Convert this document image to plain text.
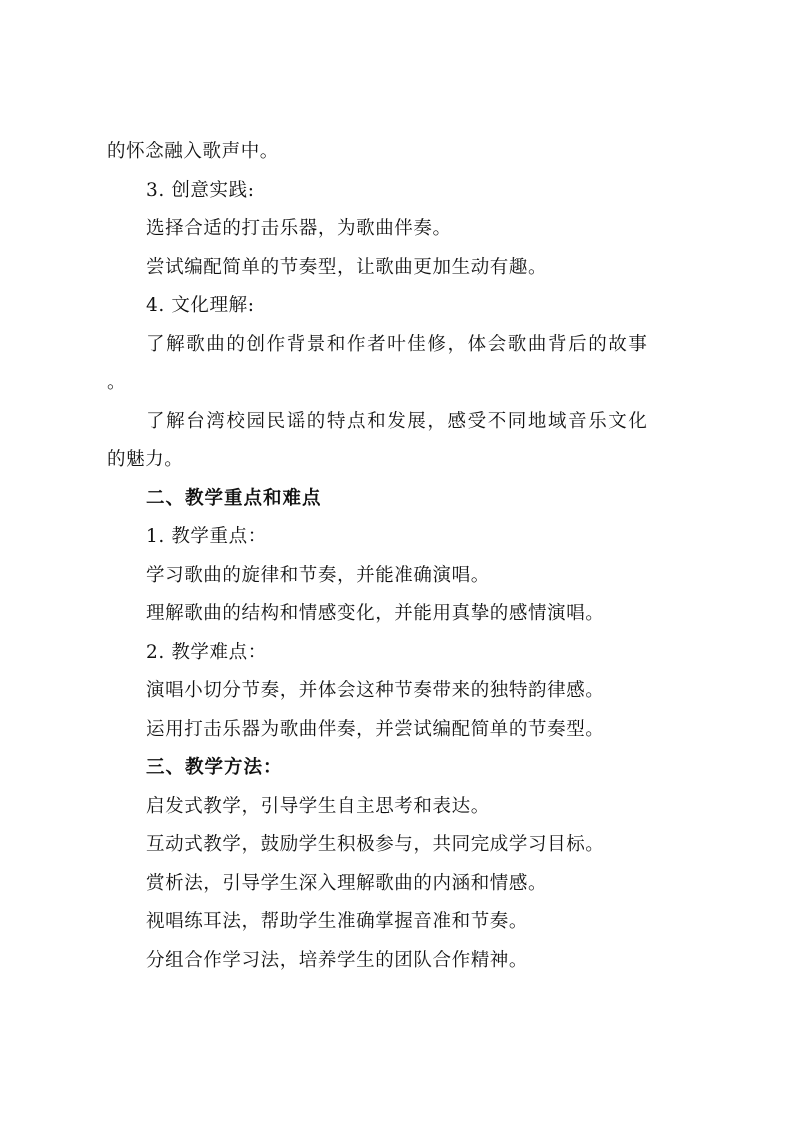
的怀念融入歌声中。
3. 创意实践:
选择合适的打击乐器，为歌曲伴奏。
尝试编配简单的节奏型，让歌曲更加生动有趣。
4. 文化理解:
了解歌曲的创作背景和作者叶佳修，体会歌曲背后的故事
。
了解台湾校园民谣的特点和发展，感受不同地域音乐文化
的魅力。
二、教学重点和难点
1. 教学重点：
学习歌曲的旋律和节奏，并能准确演唱。
理解歌曲的结构和情感变化，并能用真挚的感情演唱。
2. 教学难点：
演唱小切分节奏，并体会这种节奏带来的独特韵律感。
运用打击乐器为歌曲伴奏，并尝试编配简单的节奏型。
三、教学方法：
启发式教学，引导学生自主思考和表达。
互动式教学，鼓励学生积极参与，共同完成学习目标。
赏析法，引导学生深入理解歌曲的内涵和情感。
视唱练耳法，帮助学生准确掌握音准和节奏。
分组合作学习法，培养学生的团队合作精神。
